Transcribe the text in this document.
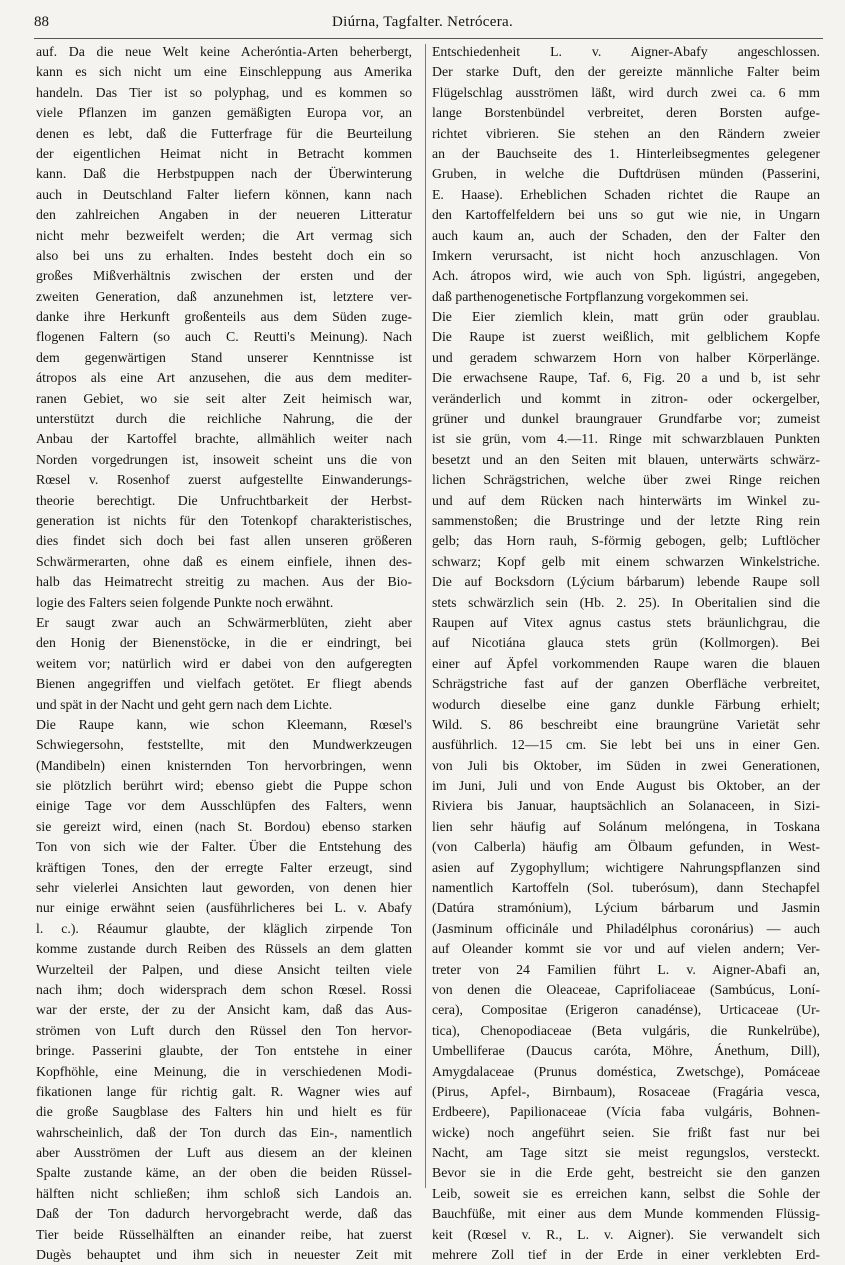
88	Diúrna, Tagfalter. Netrócera.
auf. Da die neue Welt keine Acheróntia-Arten beherbergt,
kann es sich nicht um eine Einschleppung aus Amerika
handeln. Das Tier ist so polyphag, und es kommen so
viele Pflanzen im ganzen gemäßigten Europa vor, an
denen es lebt, daß die Futterfrage für die Beurteilung
der eigentlichen Heimat nicht in Betracht kommen
kann. Daß die Herbstpuppen nach der Überwinterung
auch in Deutschland Falter liefern können, kann nach
den zahlreichen Angaben in der neueren Litteratur
nicht mehr bezweifelt werden; die Art vermag sich
also bei uns zu erhalten. Indes besteht doch ein so
großes Mißverhältnis zwischen der ersten und der
zweiten Generation, daß anzunehmen ist, letztere ver-
danke ihre Herkunft großenteils aus dem Süden zuge-
flogenen Faltern (so auch C. Reutti's Meinung). Nach
dem gegenwärtigen Stand unserer Kenntnisse ist
átropos als eine Art anzusehen, die aus dem mediter-
ranen Gebiet, wo sie seit alter Zeit heimisch war,
unterstützt durch die reichliche Nahrung, die der
Anbau der Kartoffel brachte, allmählich weiter nach
Norden vorgedrungen ist, insoweit scheint uns die von
Rœsel v. Rosenhof zuerst aufgestellte Einwanderungs-
theorie berechtigt. Die Unfruchtbarkeit der Herbst-
generation ist nichts für den Totenkopf charakteristisches,
dies findet sich doch bei fast allen unseren größeren
Schwärmerarten, ohne daß es einem einfiele, ihnen des-
halb das Heimatrecht streitig zu machen. Aus der Bio-
logie des Falters seien folgende Punkte noch erwähnt.
Er saugt zwar auch an Schwärmerblüten, zieht aber
den Honig der Bienenstöcke, in die er eindringt, bei
weitem vor; natürlich wird er dabei von den aufgeregten
Bienen angegriffen und vielfach getötet. Er fliegt abends
und spät in der Nacht und geht gern nach dem Lichte.
Die Raupe kann, wie schon Kleemann, Rœsel's
Schwiegersohn, feststellte, mit den Mundwerkzeugen
(Mandibeln) einen knisternden Ton hervorbringen, wenn
sie plötzlich berührt wird; ebenso giebt die Puppe schon
einige Tage vor dem Ausschlüpfen des Falters, wenn
sie gereizt wird, einen (nach St. Bordou) ebenso starken
Ton von sich wie der Falter. Über die Entstehung des
kräftigen Tones, den der erregte Falter erzeugt, sind
sehr vielerlei Ansichten laut geworden, von denen hier
nur einige erwähnt seien (ausführlicheres bei L. v. Abafy
l. c.). Réaumur glaubte, der kläglich zirpende Ton
komme zustande durch Reiben des Rüssels an dem glatten
Wurzelteil der Palpen, und diese Ansicht teilten viele
nach ihm; doch widersprach dem schon Rœsel. Rossi
war der erste, der zu der Ansicht kam, daß das Aus-
strömen von Luft durch den Rüssel den Ton hervor-
bringe. Passerini glaubte, der Ton entstehe in einer
Kopfhöhle, eine Meinung, die in verschiedenen Modi-
fikationen lange für richtig galt. R. Wagner wies auf
die große Saugblase des Falters hin und hielt es für
wahrscheinlich, daß der Ton durch das Ein-, namentlich
aber Ausströmen der Luft aus diesem an der kleinen
Spalte zustande käme, an der oben die beiden Rüssel-
hälften nicht schließen; ihm schloß sich Landois an.
Daß der Ton dadurch hervorgebracht werde, daß das
Tier beide Rüsselhälften an einander reibe, hat zuerst
Dugès behauptet und ihm sich in neuester Zeit mit
Entschiedenheit L. v. Aigner-Abafy angeschlossen.
Der starke Duft, den der gereizte männliche Falter beim
Flügelschlag ausströmen läßt, wird durch zwei ca. 6 mm
lange Borstenbündel verbreitet, deren Borsten aufge-
richtet vibrieren. Sie stehen an den Rändern zweier
an der Bauchseite des 1. Hinterleibsegmentes gelegener
Gruben, in welche die Duftdrüsen münden (Passerini,
E. Haase). Erheblichen Schaden richtet die Raupe an
den Kartoffelfeldern bei uns so gut wie nie, in Ungarn
auch kaum an, auch der Schaden, den der Falter den
Imkern verursacht, ist nicht hoch anzuschlagen. Von
Ach. átropos wird, wie auch von Sph. ligústri, angegeben,
daß parthenogenetische Fortpflanzung vorgekommen sei.
Die Eier ziemlich klein, matt grün oder graublau.
Die Raupe ist zuerst weißlich, mit gelblichem Kopfe
und geradem schwarzem Horn von halber Körperlänge.
Die erwachsene Raupe, Taf. 6, Fig. 20 a und b, ist sehr
veränderlich und kommt in zitron- oder ockergelber,
grüner und dunkel braungrauer Grundfarbe vor; zumeist
ist sie grün, vom 4.—11. Ringe mit schwarzblauen Punkten
besetzt und an den Seiten mit blauen, unterwärts schwärz-
lichen Schrägstrichen, welche über zwei Ringe reichen
und auf dem Rücken nach hinterwärts im Winkel zu-
sammenstoßen; die Brustringe und der letzte Ring rein
gelb; das Horn rauh, S-förmig gebogen, gelb; Luftlöcher
schwarz; Kopf gelb mit einem schwarzen Winkelstriche.
Die auf Bocksdorn (Lýcium bárbarum) lebende Raupe soll
stets schwärzlich sein (Hb. 2. 25). In Oberitalien sind die
Raupen auf Vitex agnus castus stets bräunlichgrau, die
auf Nicotiána glauca stets grün (Kollmorgen). Bei
einer auf Äpfel vorkommenden Raupe waren die blauen
Schrägstriche fast auf der ganzen Oberfläche verbreitet,
wodurch dieselbe eine ganz dunkle Färbung erhielt;
Wild. S. 86 beschreibt eine braungrüne Varietät sehr
ausführlich. 12—15 cm. Sie lebt bei uns in einer Gen.
von Juli bis Oktober, im Süden in zwei Generationen,
im Juni, Juli und von Ende August bis Oktober, an der
Riviera bis Januar, hauptsächlich an Solanaceen, in Sizi-
lien sehr häufig auf Solánum melóngena, in Toskana
(von Calberla) häufig am Ölbaum gefunden, in West-
asien auf Zygophyllum; wichtigere Nahrungspflanzen sind
namentlich Kartoffeln (Sol. tuberósum), dann Stechapfel
(Datúra stramónium), Lýcium bárbarum und Jasmin
(Jasminum officinále und Philadélphus coronárius) — auch
auf Oleander kommt sie vor und auf vielen andern; Ver-
treter von 24 Familien führt L. v. Aigner-Abafi an,
von denen die Oleaceae, Caprifoliaceae (Sambúcus, Loní-
cera), Compositae (Erigeron canadénse), Urticaceae (Ur-
tica), Chenopodiaceae (Beta vulgáris, die Runkelrübe),
Umbelliferae (Daucus caróta, Möhre, Ánethum, Dill),
Amygdalaceae (Prunus doméstica, Zwetschge), Pomáceae
(Pirus, Apfel-, Birnbaum), Rosaceae (Fragária vesca,
Erdbeere), Papilionaceae (Vícia faba vulgáris, Bohnen-
wicke) noch angeführt seien. Sie frißt fast nur bei
Nacht, am Tage sitzt sie meist regungslos, versteckt.
Bevor sie in die Erde geht, bestreicht sie den ganzen
Leib, soweit sie es erreichen kann, selbst die Sohle der
Bauchfüße, mit einer aus dem Munde kommenden Flüssig-
keit (Rœsel v. R., L. v. Aigner). Sie verwandelt sich
mehrere Zoll tief in der Erde in einer verklebten Erd-
